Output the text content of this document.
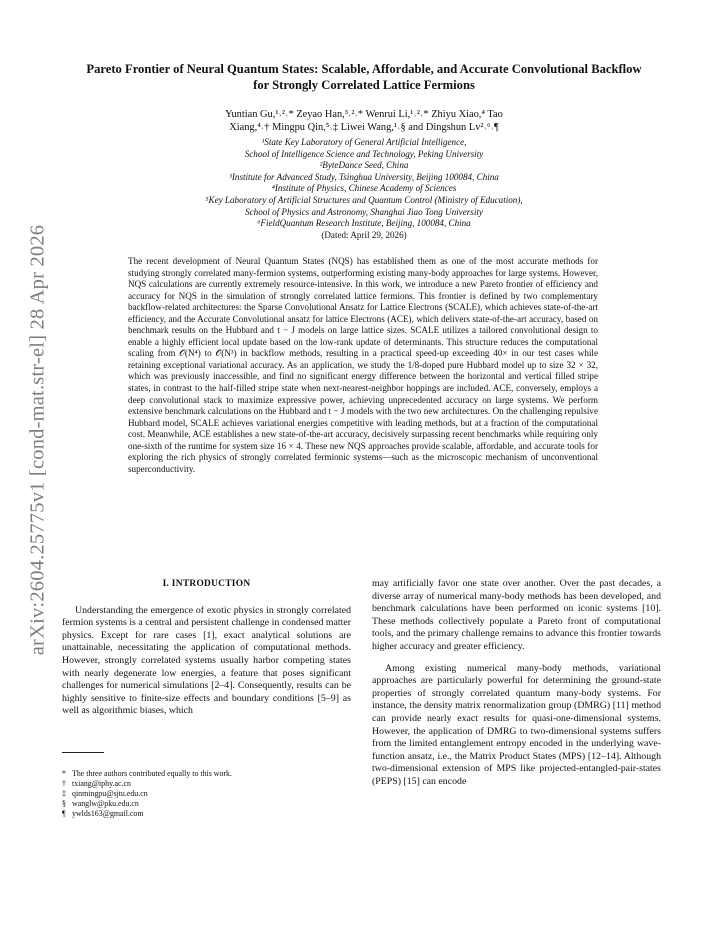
arXiv:2604.25775v1 [cond-mat.str-el] 28 Apr 2026
Pareto Frontier of Neural Quantum States: Scalable, Affordable, and Accurate Convolutional Backflow for Strongly Correlated Lattice Fermions
Yuntian Gu,¹˒²˒* Zeyao Han,³˒²˒* Wenrui Li,¹˒²˒* Zhiyu Xiao,⁴ Tao
Xiang,⁴˒† Mingpu Qin,⁵˒‡ Liwei Wang,¹˒§ and Dingshun Lv²˒⁶˒¶
¹State Key Laboratory of General Artificial Intelligence,
School of Intelligence Science and Technology, Peking University
²ByteDance Seed, China
³Institute for Advanced Study, Tsinghua University, Beijing 100084, China
⁴Institute of Physics, Chinese Academy of Sciences
⁵Key Laboratory of Artificial Structures and Quantum Control (Ministry of Education),
School of Physics and Astronomy, Shanghai Jiao Tong University
⁶FieldQuantum Research Institute, Beijing, 100084, China
(Dated: April 29, 2026)
The recent development of Neural Quantum States (NQS) has established them as one of the most accurate methods for studying strongly correlated many-fermion systems, outperforming existing many-body approaches for large systems. However, NQS calculations are currently extremely resource-intensive. In this work, we introduce a new Pareto frontier of efficiency and accuracy for NQS in the simulation of strongly correlated lattice fermions. This frontier is defined by two complementary backflow-related architectures: the Sparse Convolutional Ansatz for Lattice Electrons (SCALE), which achieves state-of-the-art efficiency, and the Accurate Convolutional ansatz for lattice Electrons (ACE), which delivers state-of-the-art accuracy, based on benchmark results on the Hubbard and t − J models on large lattice sizes. SCALE utilizes a tailored convolutional design to enable a highly efficient local update based on the low-rank update of determinants. This structure reduces the computational scaling from 𝒪(N⁴) to 𝒪(N³) in backflow methods, resulting in a practical speed-up exceeding 40× in our test cases while retaining exceptional variational accuracy. As an application, we study the 1/8-doped pure Hubbard model up to size 32 × 32, which was previously inaccessible, and find no significant energy difference between the horizontal and vertical filled stripe states, in contrast to the half-filled stripe state when next-nearest-neighbor hoppings are included. ACE, conversely, employs a deep convolutional stack to maximize expressive power, achieving unprecedented accuracy on large systems. We perform extensive benchmark calculations on the Hubbard and t − J models with the two new architectures. On the challenging repulsive Hubbard model, SCALE achieves variational energies competitive with leading methods, but at a fraction of the computational cost. Meanwhile, ACE establishes a new state-of-the-art accuracy, decisively surpassing recent benchmarks while requiring only one-sixth of the runtime for system size 16 × 4. These new NQS approaches provide scalable, affordable, and accurate tools for exploring the rich physics of strongly correlated fermionic systems—such as the microscopic mechanism of unconventional superconductivity.
I. INTRODUCTION

Understanding the emergence of exotic physics in strongly correlated fermion systems is a central and persistent challenge in condensed matter physics. Except for rare cases [1], exact analytical solutions are unattainable, necessitating the application of computational methods. However, strongly correlated systems usually harbor competing states with nearly degenerate low energies, a feature that poses significant challenges for numerical simulations [2–4]. Consequently, results can be highly sensitive to finite-size effects and boundary conditions [5–9] as well as algorithmic biases, which

* The three authors contributed equally to this work.
† txiang@iphy.ac.cn
‡ qinmingpu@sjtu.edu.cn
§ wanglw@pku.edu.cn
¶ ywlds163@gmail.com

may artificially favor one state over another. Over the past decades, a diverse array of numerical many-body methods has been developed, and benchmark calculations have been performed on iconic systems [10]. These methods collectively populate a Pareto front of computational tools, and the primary challenge remains to advance this frontier towards higher accuracy and greater efficiency.

Among existing numerical many-body methods, variational approaches are particularly powerful for determining the ground-state properties of strongly correlated quantum many-body systems. For instance, the density matrix renormalization group (DMRG) [11] method can provide nearly exact results for quasi-one-dimensional systems. However, the application of DMRG to two-dimensional systems suffers from the limited entanglement entropy encoded in the underlying wave-function ansatz, i.e., the Matrix Product States (MPS) [12–14]. Although two-dimensional extension of MPS like projected-entangled-pair-states (PEPS) [15] can encode
